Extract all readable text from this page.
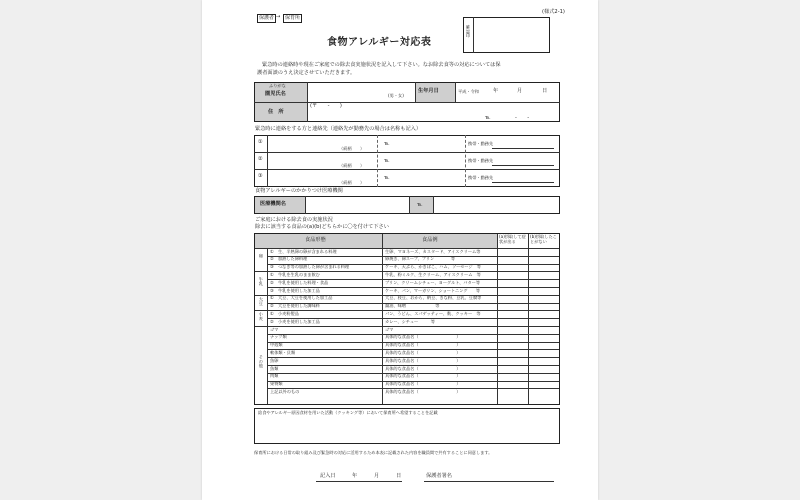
保護者 → 保育所
(様式2-1)
確認印
食物アレルギー対応表
緊急時の連絡時や現在ご家庭での除去食実施状況を記入して下さい。なお除去食等の対応については保
護者面談のうえ決定させていただきます。
ふりがな
園児氏名	(男・女)
生年月日	平成・令和	年	月	日
住　所
(〒　　-　　)
℡	-　　-
緊急時に連絡をする方と連絡先（連絡先が勤務先の場合は名称も記入）
①
（続柄　　）
℡	携帯・勤務先
②
（続柄　　）
℡	携帯・勤務先
③
（続柄　　）
℡	携帯・勤務先
食物アレルギーのかかりつけ医療機関
医療機関名	℡
ご家庭における除去食の実施状況
除去に該当する食品の(a)(b)どちらかに〇を付けて下さい
食品形態	食品例
(a)摂取して症状が出る
(b)摂取したことがない
①　生、半熟卵の卵が含まれる料理	生卵、マヨネーズ、カスタード、アイスクリーム等
②　加熱した卵料理	卵焼き、卵スープ、プリン　　　　等
③　つなぎ等の加熱した卵が含まれる料理	ケーキ、天ぷら、かきばこ、ハム、ソーセージ　等
卵
①　牛乳を生乳のまま飲む	牛乳、粉ミルク、生クリーム、アイスクリーム　等
②　牛乳を使用した料理・食品	プリン、クリームシチュー、ヨーグルト、バター等
③　牛乳を使用した加工品	ケーキ、パン、マーガリン、ショートニング　　等
牛乳
①　大豆、大豆を使用した加工品	大豆、枝豆、おから、納豆、きな粉、豆乳、豆腐等
②　大豆を使用した調味料	醤油、味噌　　　　　　　等
大豆
①　小麦粉製品	パン、うどん、スパゲッティー、麩、クッキー　等
②　小麦を使用した加工品	カレー、シチュー　　　等
小麦
ゴマ	ゴマ
ナッツ類	具体的な食品名（　　　　　　　　　）
甲殻類	具体的な食品名（　　　　　　　　　）
軟体類・貝類	具体的な食品名（　　　　　　　　　）
魚卵	具体的な食品名（　　　　　　　　　）
魚類	具体的な食品名（　　　　　　　　　）
肉類	具体的な食品名（　　　　　　　　　）
果物類	具体的な食品名（　　　　　　　　　）
上記以外のもの	具体的な食品名（　　　　　　　　　）
その他
給食やアレルギー原因食材を用いた活動（クッキング等）において保育所へ希望することを記載
保育所における日常の取り組み及び緊急時の対応に活用するため本表に記載された内容を職員間で共有することに同意します。
記入日	年	月	日	保護者署名
